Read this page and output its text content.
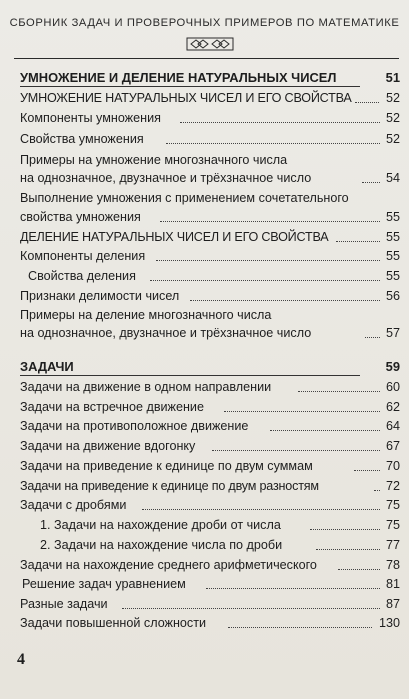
СБОРНИК ЗАДАЧ И ПРОВЕРОЧНЫХ ПРИМЕРОВ ПО МАТЕМАТИКЕ
УМНОЖЕНИЕ И ДЕЛЕНИЕ НАТУРАЛЬНЫХ ЧИСЕЛ	51
УМНОЖЕНИЕ НАТУРАЛЬНЫХ ЧИСЕЛ И ЕГО СВОЙСТВА	52
Компоненты умножения	52
Свойства умножения	52
Примеры на умножение многозначного числа
на однозначное, двузначное и трёхзначное число	54
Выполнение умножения с применением сочетательного
свойства умножения	55
ДЕЛЕНИЕ НАТУРАЛЬНЫХ ЧИСЕЛ И ЕГО СВОЙСТВА	55
Компоненты деления	55
Свойства деления	55
Признаки делимости чисел	56
Примеры на деление многозначного числа
на однозначное, двузначное и трёхзначное число	57
ЗАДАЧИ	59
Задачи на движение в одном направлении	60
Задачи на встречное движение	62
Задачи на противоположное движение	64
Задачи на движение вдогонку	67
Задачи на приведение к единице по двум суммам	70
Задачи на приведение к единице по двум разностям	72
Задачи с дробями	75
1. Задачи на нахождение дроби от числа	75
2. Задачи на нахождение числа по дроби	77
Задачи на нахождение среднего арифметического	78
Решение задач уравнением	81
Разные задачи	87
Задачи повышенной сложности	130
4
